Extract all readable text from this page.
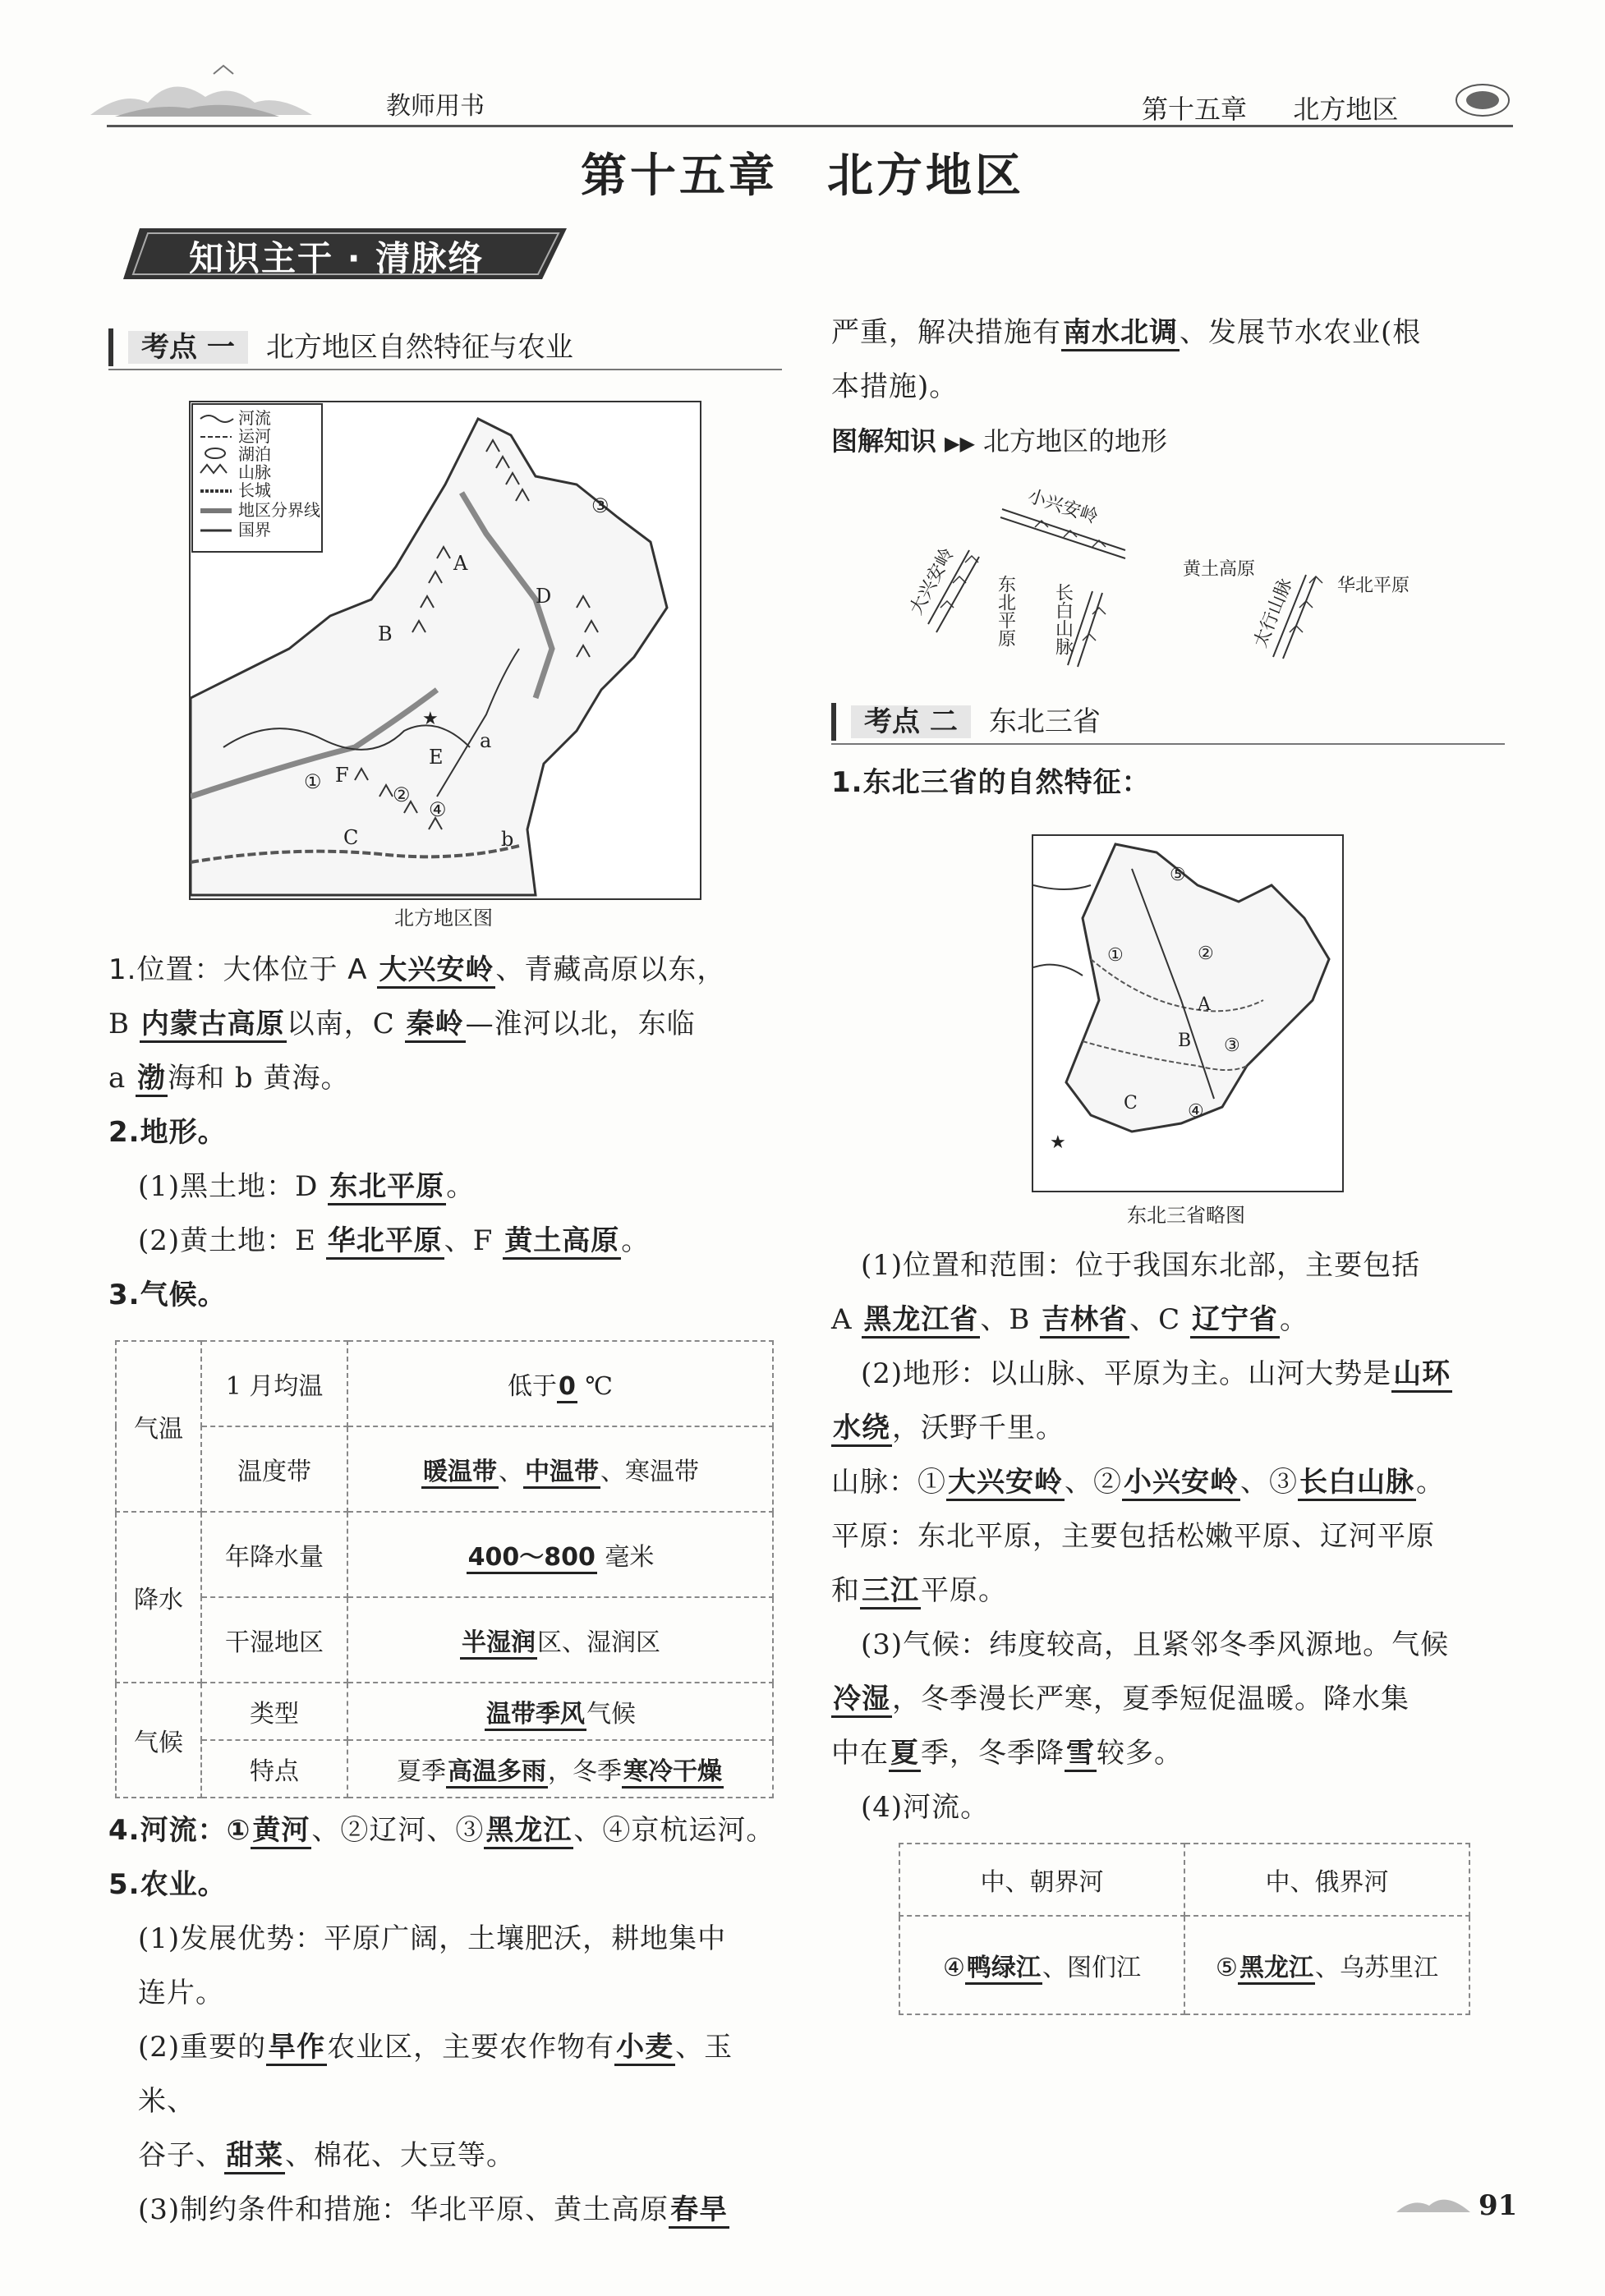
教师用书	第十五章 北方地区
第十五章　北方地区
知识主干 · 清脉络
考点 一 北方地区自然特征与农业
河流
运河
湖泊
山脉
长城
地区分界线
国界
A
B
C
D
E
F
a
b
①
②
③
④
★
北方地区图
1.位置：大体位于 A 大兴安岭、青藏高原以东，
B 内蒙古高原以南，C 秦岭—淮河以北，东临
a 渤海和 b 黄海。
2.地形。
(1)黑土地：D 东北平原。
(2)黄土地：E 华北平原、F 黄土高原。
3.气候。
气温	1 月均温	低于0 ℃
	温度带	暖温带、中温带、寒温带
降水	年降水量	400～800 毫米
	干湿地区	半湿润区、湿润区
气候	类型	温带季风气候
	特点	夏季高温多雨，冬季寒冷干燥
4.河流：①黄河、②辽河、③黑龙江、④京杭运河。
5.农业。
(1)发展优势：平原广阔，土壤肥沃，耕地集中
连片。
(2)重要的旱作农业区，主要农作物有小麦、玉米、
谷子、甜菜、棉花、大豆等。
(3)制约条件和措施：华北平原、黄土高原春旱
严重，解决措施有南水北调、发展节水农业(根
本措施)。
图解知识 ▶▶ 北方地区的地形
大兴安岭
小兴安岭
东北平原 长白山脉
黄土高原
太行山脉 华北平原
考点 二 东北三省
1.东北三省的自然特征：
①	②
③
④
⑤
A
B
C
★
东北三省略图
(1)位置和范围：位于我国东北部，主要包括
A 黑龙江省、B 吉林省、C 辽宁省。
(2)地形：以山脉、平原为主。山河大势是山环
水绕，沃野千里。
山脉：①大兴安岭、②小兴安岭、③长白山脉。
平原：东北平原，主要包括松嫩平原、辽河平原
和三江平原。
(3)气候：纬度较高，且紧邻冬季风源地。气候
冷湿，冬季漫长严寒，夏季短促温暖。降水集
中在夏季，冬季降雪较多。
(4)河流。
中、朝界河	中、俄界河
④鸭绿江、图们江	⑤黑龙江、乌苏里江
91
